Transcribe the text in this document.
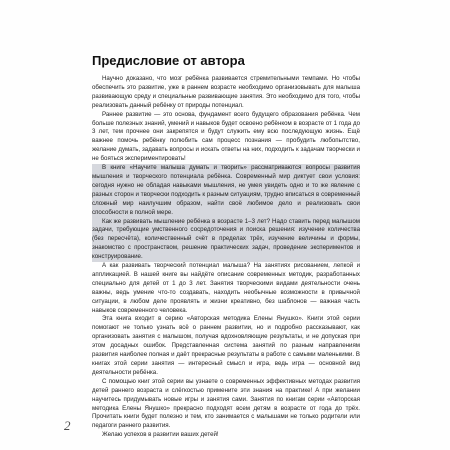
Предисловие от автора

Научно доказано, что мозг ребёнка развивается стремительными темпами. Но чтобы обеспечить это развитие, уже в раннем возрасте необходимо организовывать для малыша развивающую среду и специальные развивающие занятия. Это необходимо для того, чтобы реализовать данный ребёнку от природы потенциал.

Раннее развитие — это основа, фундамент всего будущего образования ребёнка. Чем больше полезных знаний, умений и навыков будет освоено ребёнком в возрасте от 1 года до 3 лет, тем прочнее они закрепятся и будут служить ему всю последующую жизнь. Ещё важнее помочь ребёнку полюбить сам процесс познания — пробудить любопытство, желание думать, задавать вопросы и искать ответы на них, подходить к задачам творчески и не бояться экспериментировать!

В книге «Научите малыша думать и творить» рассматриваются вопросы развития мышления и творческого потенциала ребёнка. Современный мир диктует свои условия: сегодня нужно не обладая навыками мышления, не умея увидеть одно и то же явление с разных сторон и творчески подходить к разным ситуациям, трудно вписаться в современный сложный мир наилучшим образом, найти своё любимое дело и реализовать свои способности в полной мере.

Как же развивать мышление ребёнка в возрасте 1–3 лет? Надо ставить перед малышом задачи, требующие умственного сосредоточения и поиска решения: изучение количества (без пересчёта), количественный счёт в пределах трёх, изучение величины и формы, знакомство с пространством, решение практических задач, проведение экспериментов и конструирование.

А как развивать творческий потенциал малыша? На занятиях рисованием, лепкой и аппликацией. В нашей книге вы найдёте описание современных методик, разработанных специально для детей от 1 до 3 лет. Занятия творческими видами деятельности очень важны, ведь умение что-то создавать, находить необычные возможности в привычной ситуации, в любом деле проявлять и жизни креативно, без шаблонов — важная часть навыков современного человека.

Эта книга входит в серию «Авторская методика Елены Янушко». Книги этой серии помогают не только узнать всё о раннем развитии, но и подробно рассказывают, как организовать занятия с малышом, получая вдохновляющие результаты, и не допуская при этом досадных ошибок. Представленная система занятий по разным направлениям развития наиболее полная и даёт прекрасные результаты в работе с самыми маленькими. В книгах этой серии занятия — интересный смысл и игра, ведь игра — основной вид деятельности ребёнка.

С помощью книг этой серии вы узнаете о современных эффективных методах развития детей раннего возраста и слёгкостью примените эти знания на практике! А при желании научитесь придумывать новые игры и занятия сами. Занятия по книгам серии «Авторская методика Елены Янушко» прекрасно подходят всем детям в возрасте от года до трёх. Прочитать книги будет полезно и тем, кто занимается с малышами не только родители или педагоги раннего развития.

Желаю успехов в развитии ваших детей!

2
